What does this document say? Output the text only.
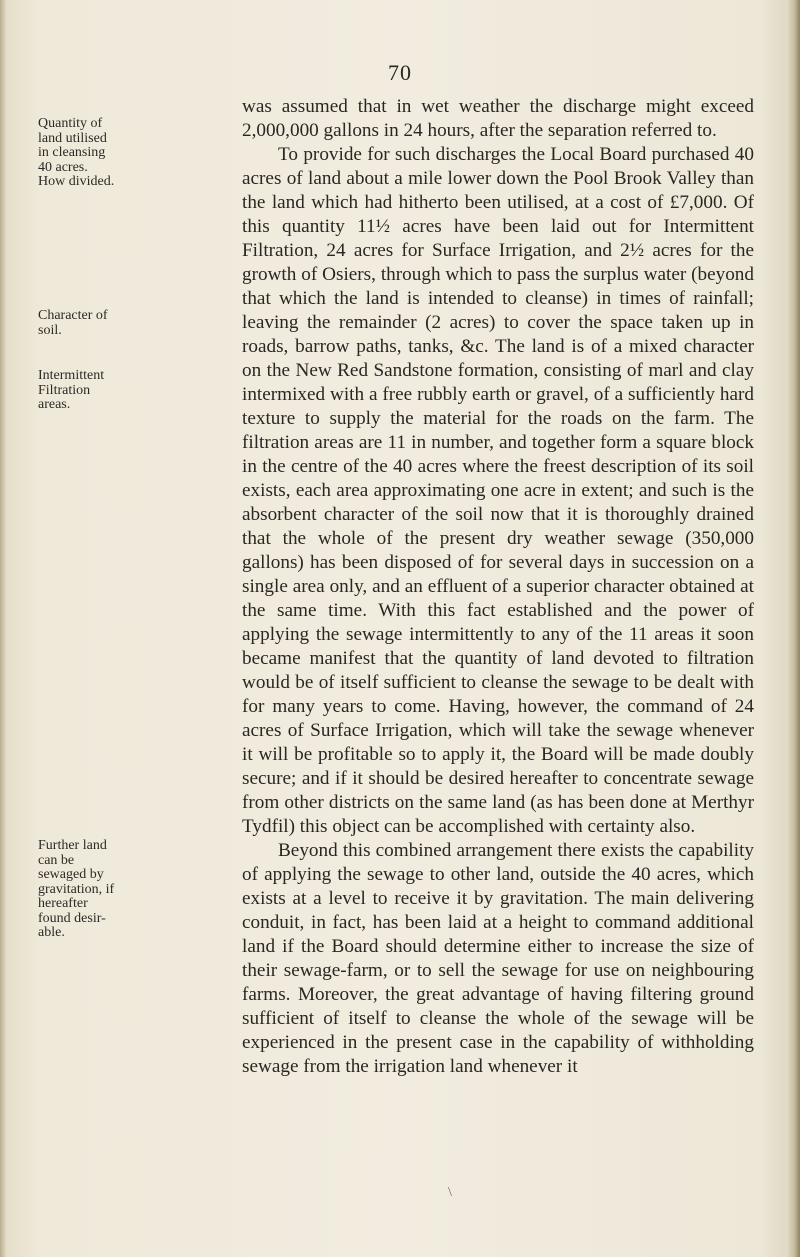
70
Quantity of
land utilised
in cleansing
40 acres.
How divided.
Character of
soil.
Intermittent
Filtration
areas.
Further land
can be
sewaged by
gravitation, if
hereafter
found desir-
able.

was assumed that in wet weather the discharge might exceed 2,000,000 gallons in 24 hours, after the separation referred to.

To provide for such discharges the Local Board purchased 40 acres of land about a mile lower down the Pool Brook Valley than the land which had hitherto been utilised, at a cost of £7,000. Of this quantity 11½ acres have been laid out for Intermittent Filtration, 24 acres for Surface Irrigation, and 2½ acres for the growth of Osiers, through which to pass the surplus water (beyond that which the land is intended to cleanse) in times of rainfall; leaving the remainder (2 acres) to cover the space taken up in roads, barrow paths, tanks, &c. The land is of a mixed character on the New Red Sandstone formation, consisting of marl and clay intermixed with a free rubbly earth or gravel, of a sufficiently hard texture to supply the material for the roads on the farm. The filtration areas are 11 in number, and together form a square block in the centre of the 40 acres where the freest description of its soil exists, each area approximating one acre in extent; and such is the absorbent character of the soil now that it is thoroughly drained that the whole of the present dry weather sewage (350,000 gallons) has been disposed of for several days in succession on a single area only, and an effluent of a superior character obtained at the same time. With this fact established and the power of applying the sewage intermittently to any of the 11 areas it soon became manifest that the quantity of land devoted to filtration would be of itself sufficient to cleanse the sewage to be dealt with for many years to come. Having, however, the command of 24 acres of Surface Irrigation, which will take the sewage whenever it will be profitable so to apply it, the Board will be made doubly secure; and if it should be desired hereafter to concentrate sewage from other districts on the same land (as has been done at Merthyr Tydfil) this object can be accomplished with certainty also.

Beyond this combined arrangement there exists the capability of applying the sewage to other land, outside the 40 acres, which exists at a level to receive it by gravitation. The main delivering conduit, in fact, has been laid at a height to command additional land if the Board should determine either to increase the size of their sewage-farm, or to sell the sewage for use on neighbouring farms. Moreover, the great advantage of having filtering ground sufficient of itself to cleanse the whole of the sewage will be experienced in the present case in the capability of withholding sewage from the irrigation land whenever it

\
